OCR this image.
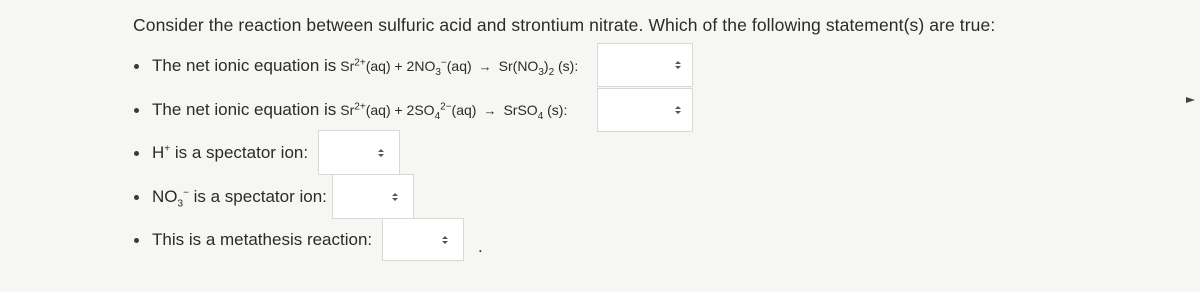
Consider the reaction between sulfuric acid and strontium nitrate. Which of the following statement(s) are true:
The net ionic equation is $Sr^{2+}(aq) + 2NO_3^-(aq) \to Sr(NO_3)_2$ (s):
The net ionic equation is $Sr^{2+}(aq) + 2SO_4^{2-}(aq)$ → SrSO$_4$ (s):
H+ is a spectator ion:
$NO_3^-$ is a spectator ion:
This is a metathesis reaction:	.
